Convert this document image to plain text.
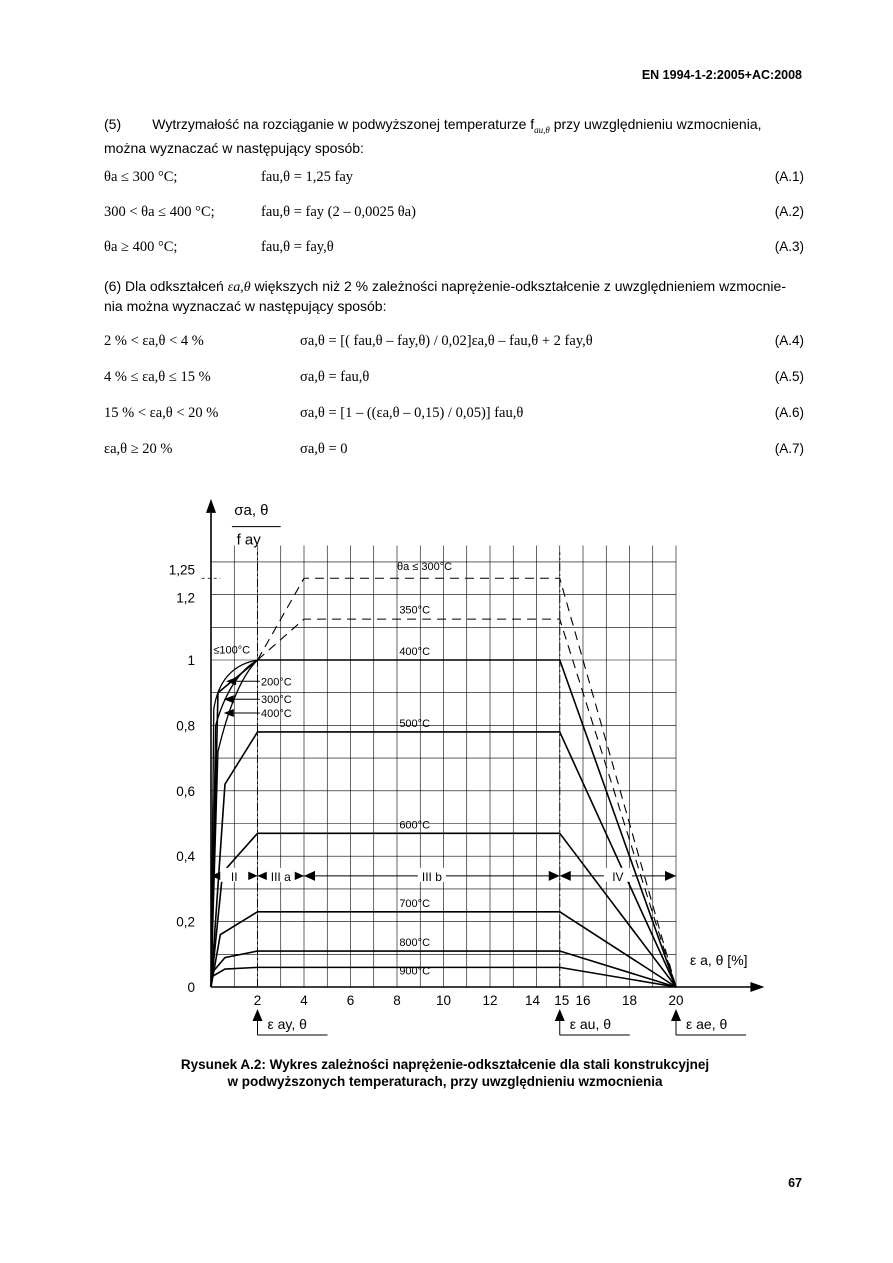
EN 1994-1-2:2005+AC:2008
(5)        Wytrzymałość na rozciąganie w podwyższonej temperaturze $f_{au,\theta}$ przy uwzględnieniu wzmocnienia,
można wyznaczać w następujący sposób:
θa ≤ 300 °C;	fau,θ = 1,25 fay	(A.1)
300 < θa ≤ 400 °C;	fau,θ = fay (2 – 0,0025 θa)	(A.2)
θa ≥ 400 °C;	fau,θ = fay,θ	(A.3)
(6) Dla odkształceń εa,θ większych niż 2 % zależności naprężenie-odkształcenie z uwzględnieniem wzmocnie-
nia można wyznaczać w następujący sposób:
2 % < εa,θ < 4 %	σa,θ = [( fau,θ – fay,θ) / 0,02]εa,θ – fau,θ + 2 fay,θ	(A.4)
4 % ≤ εa,θ ≤ 15 %	σa,θ = fau,θ	(A.5)
15 % < εa,θ < 20 %	σa,θ = [1 – ((εa,θ – 0,15) / 0,05)] fau,θ	(A.6)
εa,θ ≥ 20 %	σa,θ = 0	(A.7)
θa ≤ 300°C
350°C
400°C
500°C
600°C
700°C
800°C
900°C
σa, θ
f ay
ε a, θ [%]
0
0,2
0,4
0,6
0,8
1
1,2
1,25
2	4	6	8	10 12 14 15 16 18 20
≤100°C
200°C
300°C
400°C
II	III a	III b	IV
ε ay, θ	ε au, θ	ε ae, θ
Rysunek A.2: Wykres zależności naprężenie-odkształcenie dla stali konstrukcyjnej
w podwyższonych temperaturach, przy uwzględnieniu wzmocnienia
67
